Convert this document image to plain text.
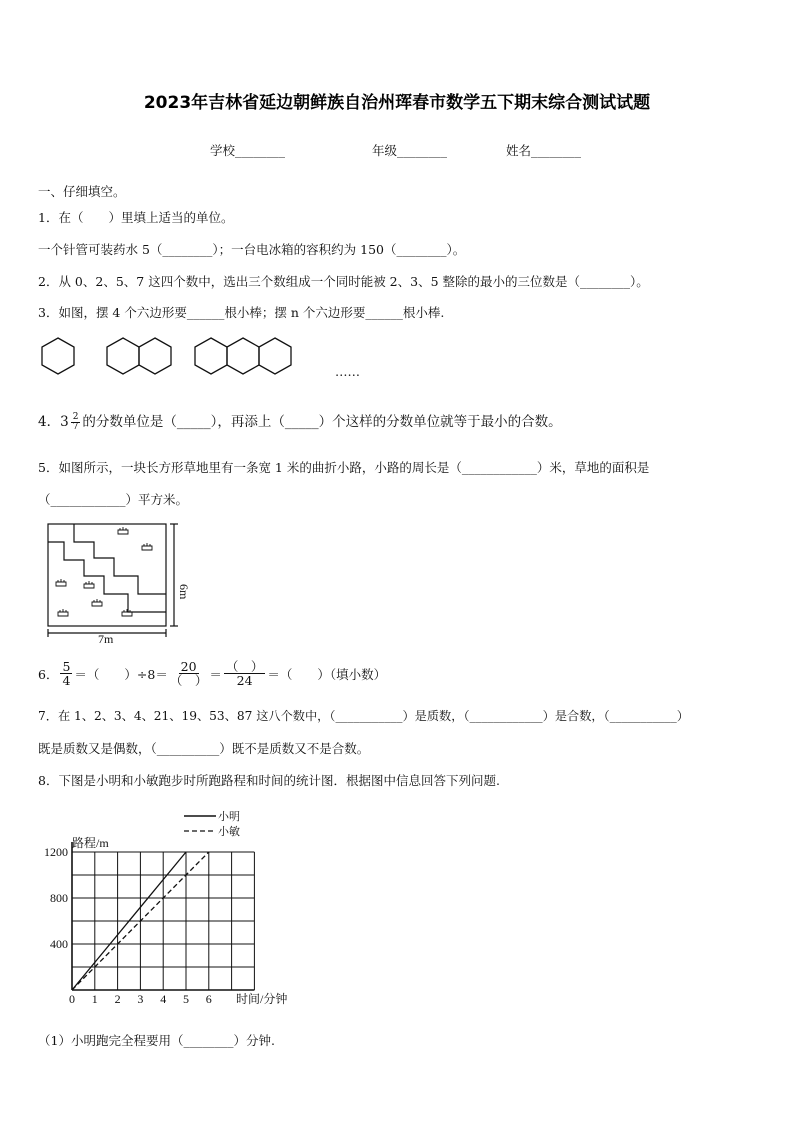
2023年吉林省延边朝鲜族自治州珲春市数学五下期末综合测试试题
学校________	年级________	姓名________
一、仔细填空。
1．在（　　）里填上适当的单位。
一个针管可装药水 5（________）；一台电冰箱的容积约为 150（________）。
2．从 0、2、5、7 这四个数中，选出三个数组成一个同时能被 2、3、5 整除的最小的三位数是（________）。
3．如图，摆 4 个六边形要______根小棒；摆 n 个六边形要______根小棒.
……
4．$3 \frac{2}{7}$ 的分数单位是（_____），再添上（_____）个这样的分数单位就等于最小的合数。
5．如图所示，一块长方形草地里有一条宽 1 米的曲折小路，小路的周长是（____________）米，草地的面积是
（____________）平方米。
7m
6m
6． $\frac{5}{4}$ ＝（　　）$\div 8= \frac{20}{( )} = \frac{( )}{24}$ ＝（　　）（填小数）
7．在 1、2、3、4、21、19、53、87 这八个数中，（___________）是质数，（____________）是合数，（___________）
既是质数又是偶数，（__________）既不是质数又不是合数。
8．下图是小明和小敏跑步时所跑路程和时间的统计图．根据图中信息回答下列问题.
0 1 2 3 4 5 6
400
800
1200
小明
小敏
路程/m
时间/分钟
（1）小明跑完全程要用（________）分钟.
